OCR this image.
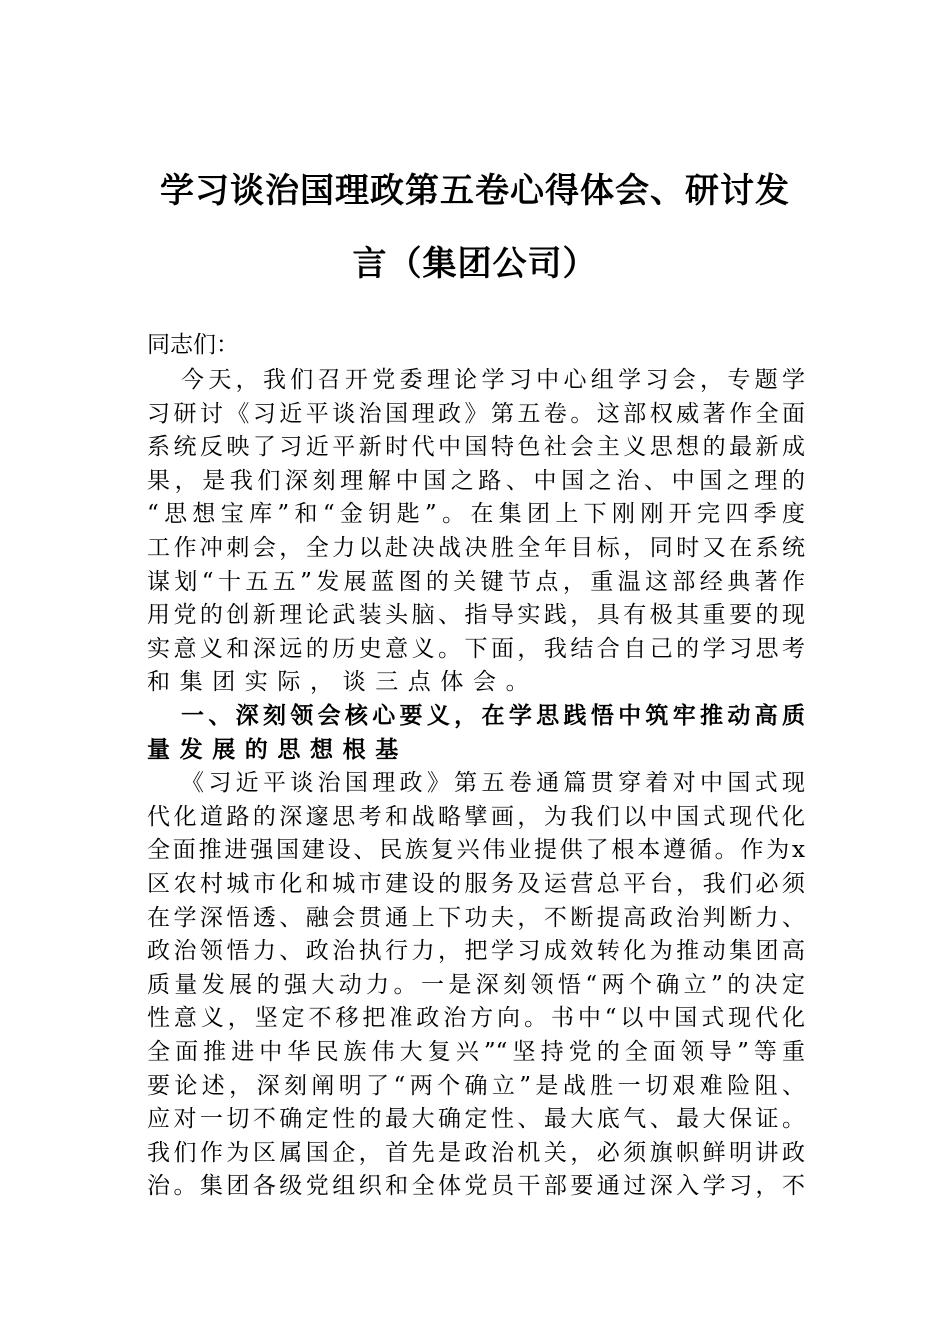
学习谈治国理政第五卷心得体会、研讨发
言（集团公司）
同志们：
今天，我们召开党委理论学习中心组学习会，专题学
习研讨《习近平谈治国理政》第五卷。这部权威著作全面
系统反映了习近平新时代中国特色社会主义思想的最新成
果，是我们深刻理解中国之路、中国之治、中国之理的
“思想宝库”和“金钥匙”。在集团上下刚刚开完四季度
工作冲刺会，全力以赴决战决胜全年目标，同时又在系统
谋划“十五五”发展蓝图的关键节点，重温这部经典著作
用党的创新理论武装头脑、指导实践，具有极其重要的现
实意义和深远的历史意义。下面，我结合自己的学习思考
和集团实际，谈三点体会。
一、深刻领会核心要义，在学思践悟中筑牢推动高质
量发展的思想根基
《习近平谈治国理政》第五卷通篇贯穿着对中国式现
代化道路的深邃思考和战略擘画，为我们以中国式现代化
全面推进强国建设、民族复兴伟业提供了根本遵循。作为x
区农村城市化和城市建设的服务及运营总平台，我们必须
在学深悟透、融会贯通上下功夫，不断提高政治判断力、
政治领悟力、政治执行力，把学习成效转化为推动集团高
质量发展的强大动力。一是深刻领悟“两个确立”的决定
性意义，坚定不移把准政治方向。书中“以中国式现代化
全面推进中华民族伟大复兴”“坚持党的全面领导”等重
要论述，深刻阐明了“两个确立”是战胜一切艰难险阻、
应对一切不确定性的最大确定性、最大底气、最大保证。
我们作为区属国企，首先是政治机关，必须旗帜鲜明讲政
治。集团各级党组织和全体党员干部要通过深入学习，不
